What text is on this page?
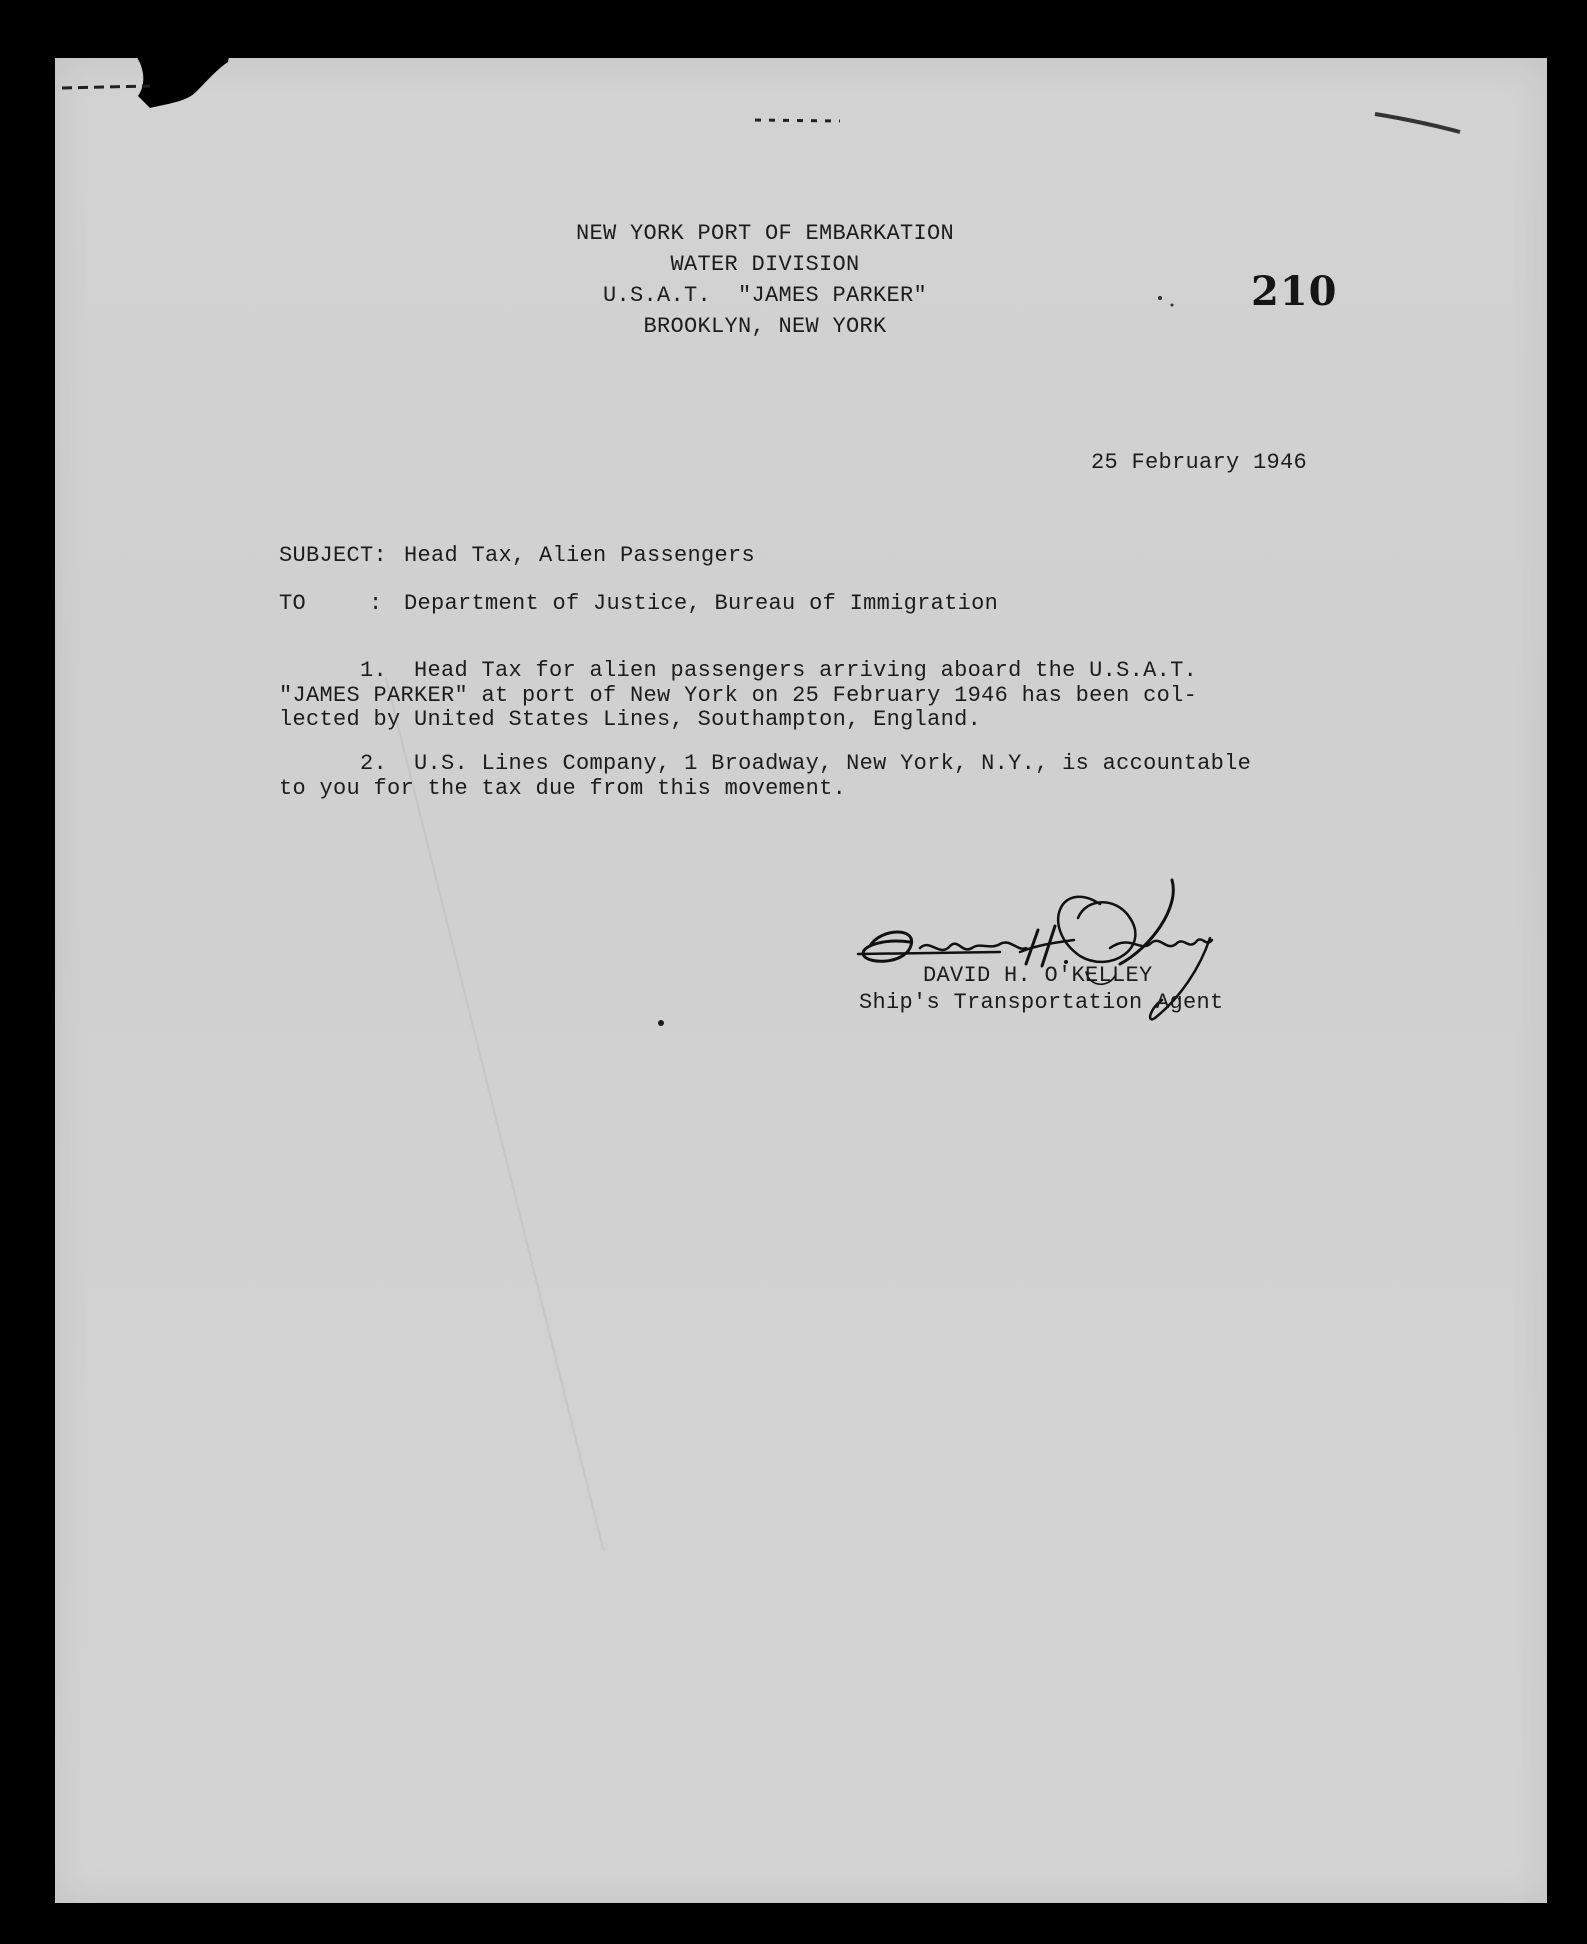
NEW YORK PORT OF EMBARKATION
WATER DIVISION
U.S.A.T.  "JAMES PARKER"
BROOKLYN, NEW YORK
210
25 February 1946
SUBJECT: Head Tax, Alien Passengers
TO	: Department of Justice, Bureau of Immigration
1.  Head Tax for alien passengers arriving aboard the U.S.A.T.
"JAMES PARKER" at port of New York on 25 February 1946 has been col-
lected by United States Lines, Southampton, England.
2.  U.S. Lines Company, 1 Broadway, New York, N.Y., is accountable
to you for the tax due from this movement.
DAVID H. O'KELLEY
Ship's Transportation Agent
